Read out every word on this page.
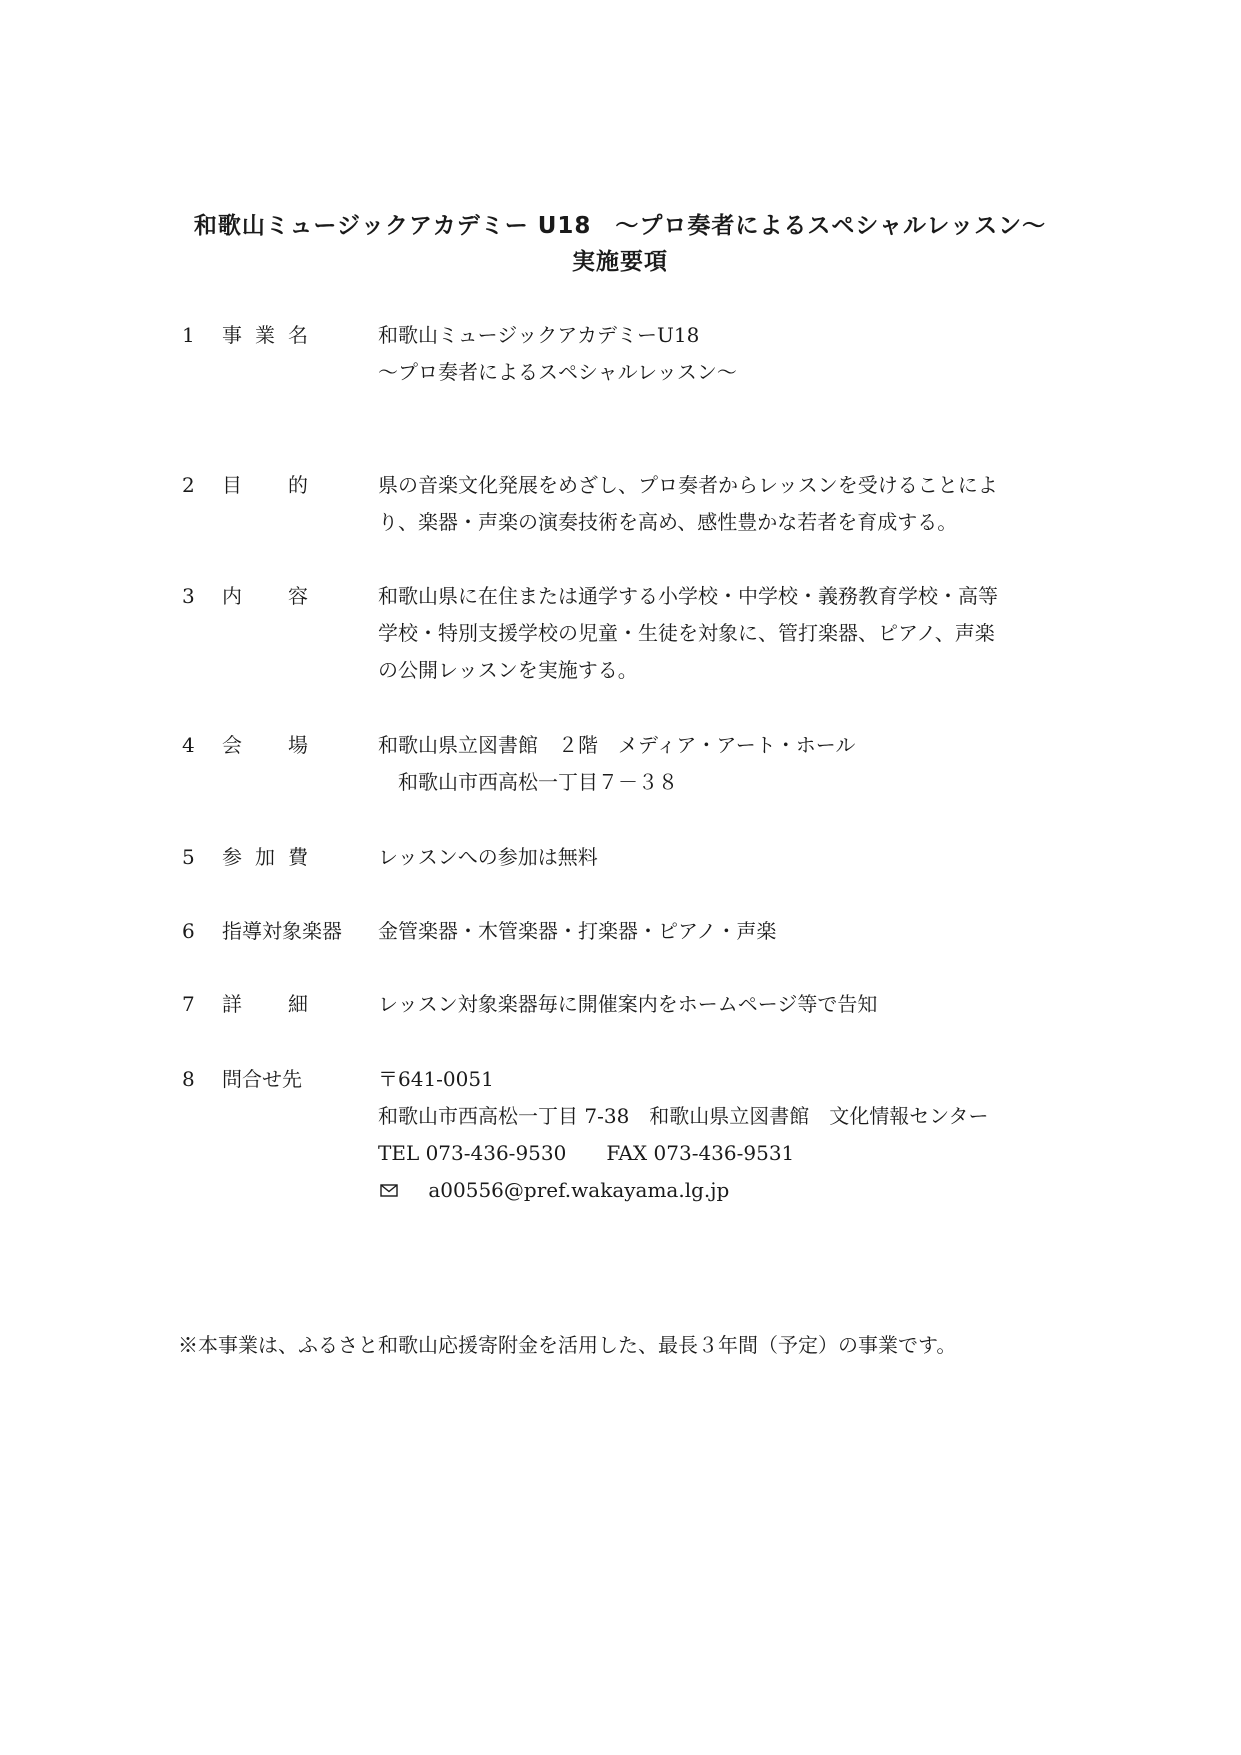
和歌山ミュージックアカデミー U18　～プロ奏者によるスペシャルレッスン～
実施要項
1	事 業 名	和歌山ミュージックアカデミーU18
～プロ奏者によるスペシャルレッスン～
2	目 的	県の音楽文化発展をめざし、プロ奏者からレッスンを受けることによ
り、楽器・声楽の演奏技術を高め、感性豊かな若者を育成する。
3	内 容	和歌山県に在住または通学する小学校・中学校・義務教育学校・高等
学校・特別支援学校の児童・生徒を対象に、管打楽器、ピアノ、声楽
の公開レッスンを実施する。
4	会 場	和歌山県立図書館　２階　メディア・アート・ホール
和歌山市西高松一丁目７－３８
5	参 加 費	レッスンへの参加は無料
6	指導対象楽器	金管楽器・木管楽器・打楽器・ピアノ・声楽
7	詳 細	レッスン対象楽器毎に開催案内をホームページ等で告知
8	問合せ先	〒641-0051
和歌山市西高松一丁目 7-38　和歌山県立図書館　文化情報センター
TEL 073-436-9530　　FAX 073-436-9531
a00556@pref.wakayama.lg.jp
※本事業は、ふるさと和歌山応援寄附金を活用した、最長３年間（予定）の事業です。
